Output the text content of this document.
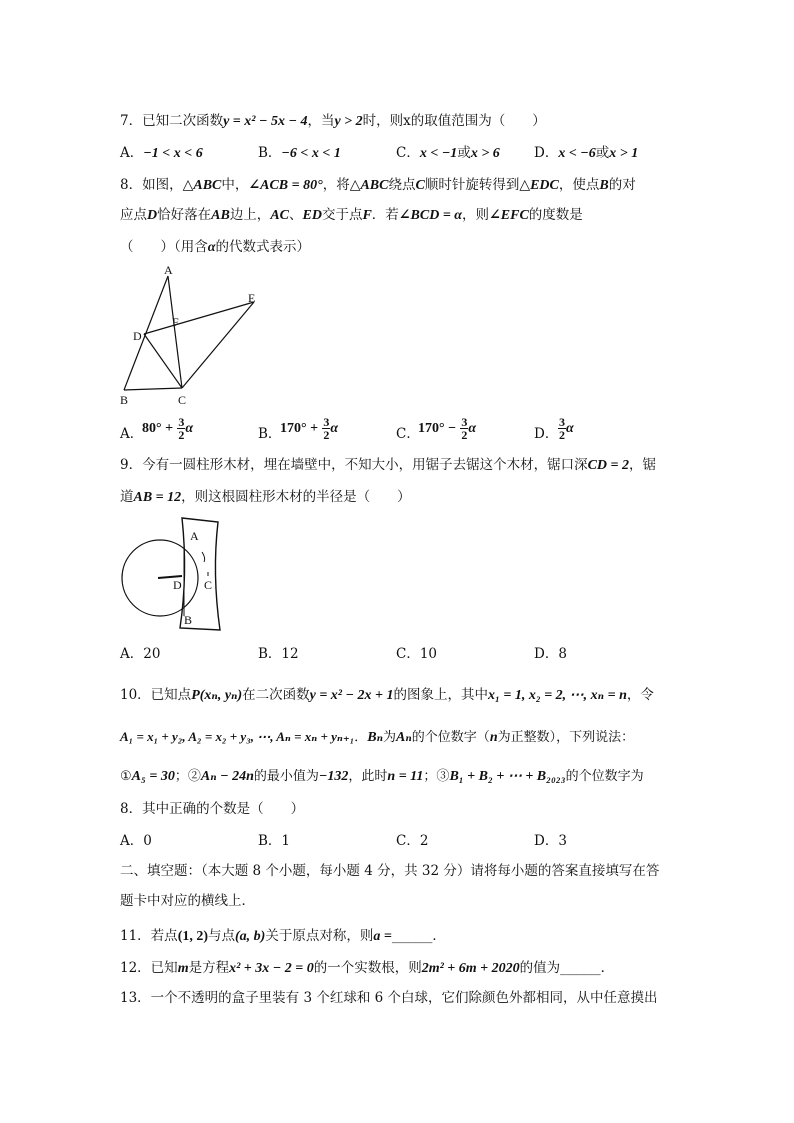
7．已知二次函数y = x² − 5x − 4，当y > 2时，则x的取值范围为（　　）
A．−1 < x < 6	B．−6 < x < 1	C．x < −1或x > 6	D．x < −6或x > 1
8．如图，△ABC中，∠ACB = 80°，将△ABC绕点C顺时针旋转得到△EDC，使点B的对
应点D恰好落在AB边上，AC、ED交于点F．若∠BCD = α，则∠EFC的度数是
（　　）（用含α的代数式表示）
A
B	C
D
E
F
A．
$80^\circ + \frac{3}{2}$ α	B．
$170^\circ + \frac{3}{2}$ α	C．
$170^\circ - \frac{3}{2}$ α	D． $\frac{3}{2}$ α
9．今有一圆柱形木材，埋在墙壁中，不知大小，用锯子去锯这个木材，锯口深CD = 2，锯
道AB = 12，则这根圆柱形木材的半径是（　　）
A
B
C
D
A．20	B．12	C．10	D．8
10．已知点P(xₙ, yₙ)在二次函数y = x² − 2x + 1的图象上，其中x₁ = 1, x₂ = 2, ⋯, xₙ = n，令
A₁ = x₁ + y₂, A₂ = x₂ + y₃, ⋯, Aₙ = xₙ + yₙ₊₁．Bₙ为Aₙ的个位数字（n为正整数），下列说法：
①A₅ = 30；②Aₙ − 24n的最小值为−132，此时n = 11；③B₁ + B₂ + ⋯ + B₂₀₂₃的个位数字为
8．其中正确的个数是（　　）
A．0	B．1	C．2	D．3
二、填空题：（本大题 8 个小题，每小题 4 分，共 32 分）请将每小题的答案直接填写在答
题卡中对应的横线上．
11．若点(1, 2)与点(a, b)关于原点对称，则a =______．
12．已知m是方程x² + 3x − 2 = 0的一个实数根，则2m² + 6m + 2020的值为______．
13．一个不透明的盒子里装有 3 个红球和 6 个白球，它们除颜色外都相同，从中任意摸出
